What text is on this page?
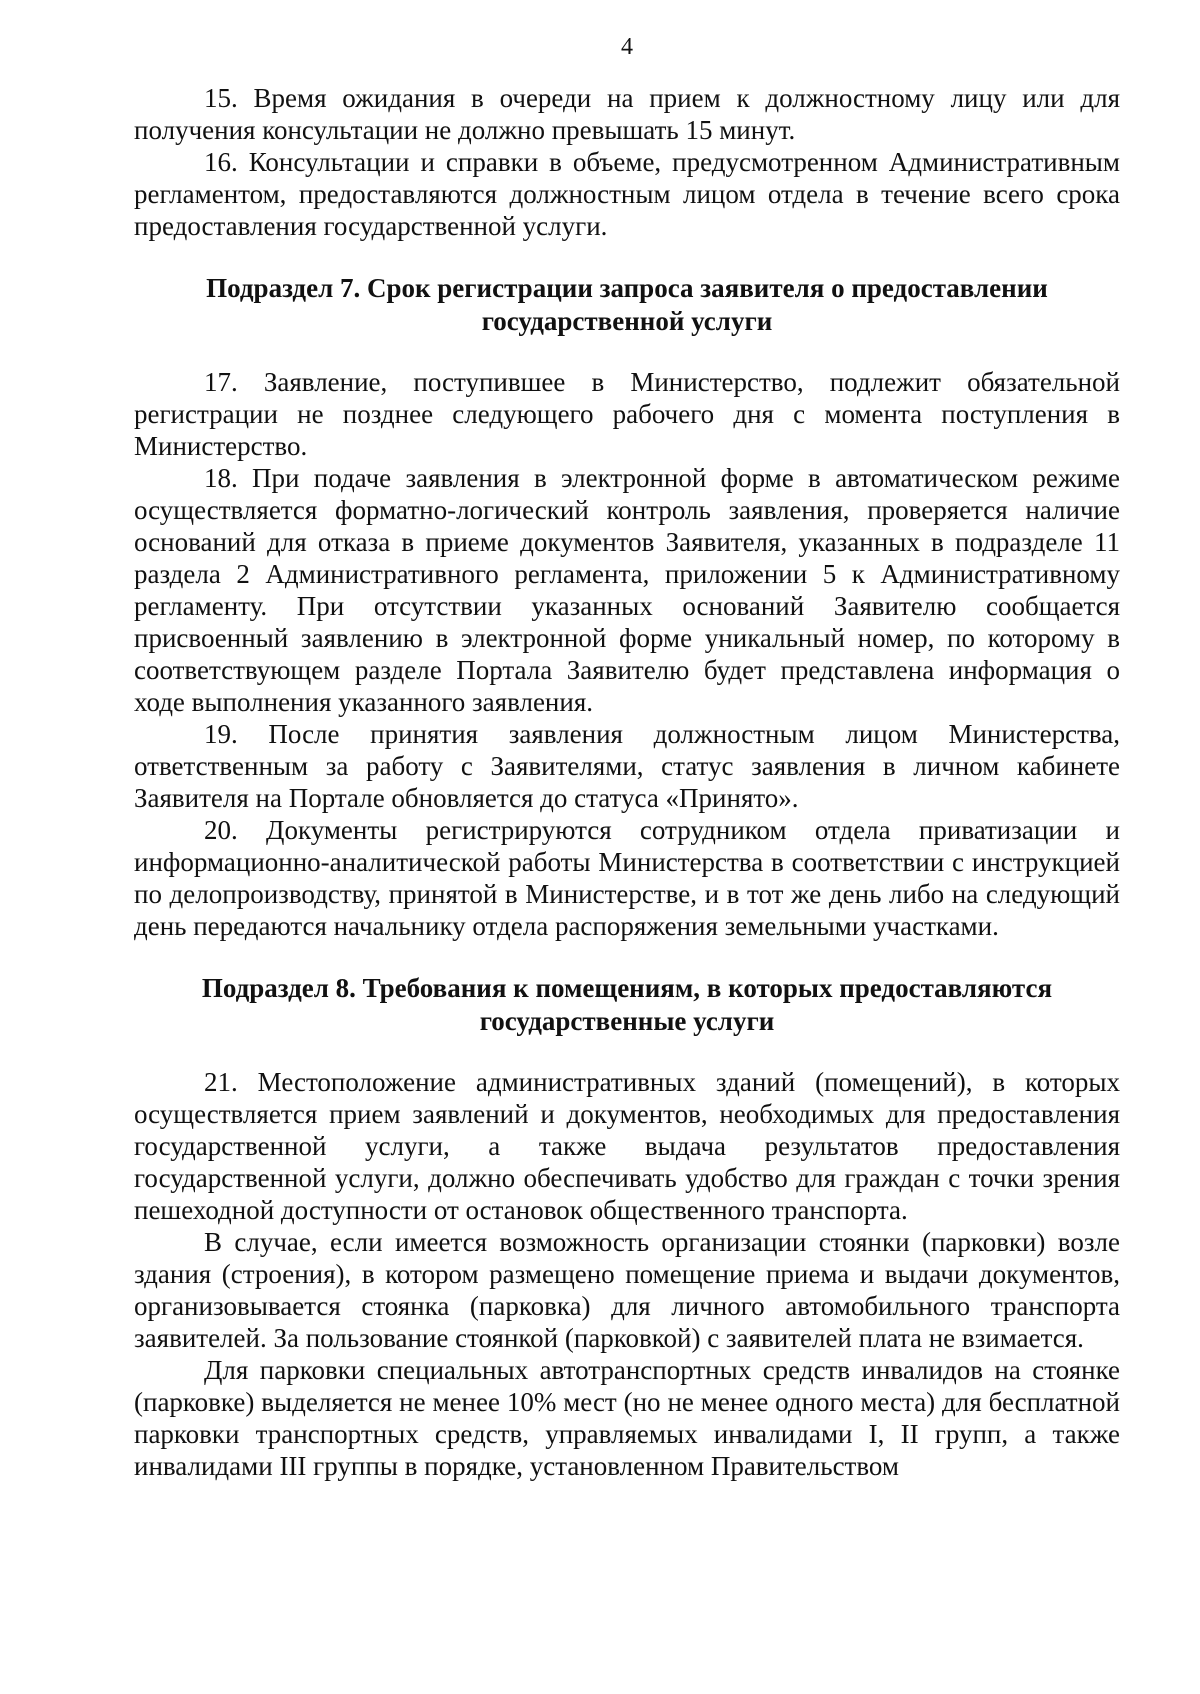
4

15. Время ожидания в очереди на прием к должностному лицу или для получения консультации не должно превышать 15 минут.

16. Консультации и справки в объеме, предусмотренном Административным регламентом, предоставляются должностным лицом отдела в течение всего срока предоставления государственной услуги.

Подраздел 7. Срок регистрации запроса заявителя о предоставлении государственной услуги

17. Заявление, поступившее в Министерство, подлежит обязательной регистрации не позднее следующего рабочего дня с момента поступления в Министерство.

18. При подаче заявления в электронной форме в автоматическом режиме осуществляется форматно-логический контроль заявления, проверяется наличие оснований для отказа в приеме документов Заявителя, указанных в подразделе 11 раздела 2 Административного регламента, приложении 5 к Административному регламенту. При отсутствии указанных оснований Заявителю сообщается присвоенный заявлению в электронной форме уникальный номер, по которому в соответствующем разделе Портала Заявителю будет представлена информация о ходе выполнения указанного заявления.

19. После принятия заявления должностным лицом Министерства, ответственным за работу с Заявителями, статус заявления в личном кабинете Заявителя на Портале обновляется до статуса «Принято».

20. Документы регистрируются сотрудником отдела приватизации и информационно-аналитической работы Министерства в соответствии с инструкцией по делопроизводству, принятой в Министерстве, и в тот же день либо на следующий день передаются начальнику отдела распоряжения земельными участками.

Подраздел 8. Требования к помещениям, в которых предоставляются государственные услуги

21. Местоположение административных зданий (помещений), в которых осуществляется прием заявлений и документов, необходимых для предоставления государственной услуги, а также выдача результатов предоставления государственной услуги, должно обеспечивать удобство для граждан с точки зрения пешеходной доступности от остановок общественного транспорта.

В случае, если имеется возможность организации стоянки (парковки) возле здания (строения), в котором размещено помещение приема и выдачи документов, организовывается стоянка (парковка) для личного автомобильного транспорта заявителей. За пользование стоянкой (парковкой) с заявителей плата не взимается.

Для парковки специальных автотранспортных средств инвалидов на стоянке (парковке) выделяется не менее 10% мест (но не менее одного места) для бесплатной парковки транспортных средств, управляемых инвалидами I, II групп, а также инвалидами III группы в порядке, установленном Правительством
